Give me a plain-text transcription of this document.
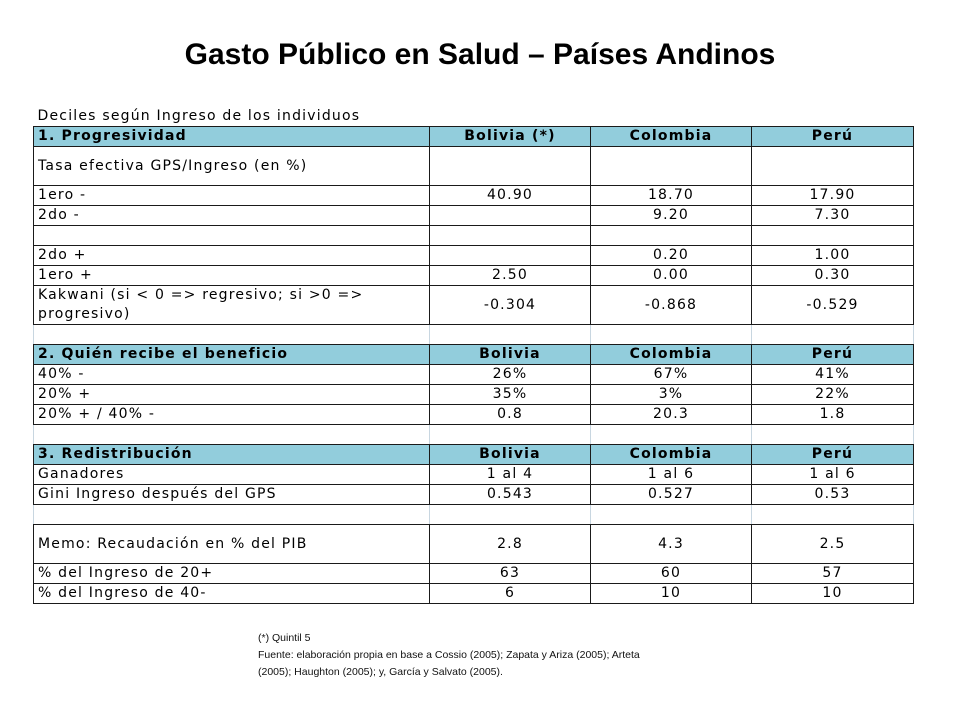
Gasto Público en Salud – Países Andinos
Deciles según Ingreso de los individuos			
1. Progresividad	Bolivia (*)	Colombia	Perú
Tasa efectiva GPS/Ingreso (en %)			
1ero -	40.90	18.70	17.90
2do -		9.20	7.30

2do +		0.20	1.00
1ero +	2.50	0.00	0.30
Kakwani (si < 0 => regresivo; si >0 => progresivo)	-0.304	-0.868	-0.529

2. Quién recibe el beneficio	Bolivia	Colombia	Perú
40% -	26%	67%	41%
20% +	35%	3%	22%
20% + / 40% -	0.8	20.3	1.8

3. Redistribución	Bolivia	Colombia	Perú
Ganadores	1 al 4	1 al 6	1 al 6
Gini Ingreso después del GPS	0.543	0.527	0.53

Memo: Recaudación en % del PIB	2.8	4.3	2.5
% del Ingreso de 20+	63	60	57
% del Ingreso de 40-	6	10	10
(*) Quintil 5
Fuente: elaboración propia en base a Cossio (2005); Zapata y Ariza (2005); Arteta
(2005); Haughton (2005); y, García y Salvato (2005).
